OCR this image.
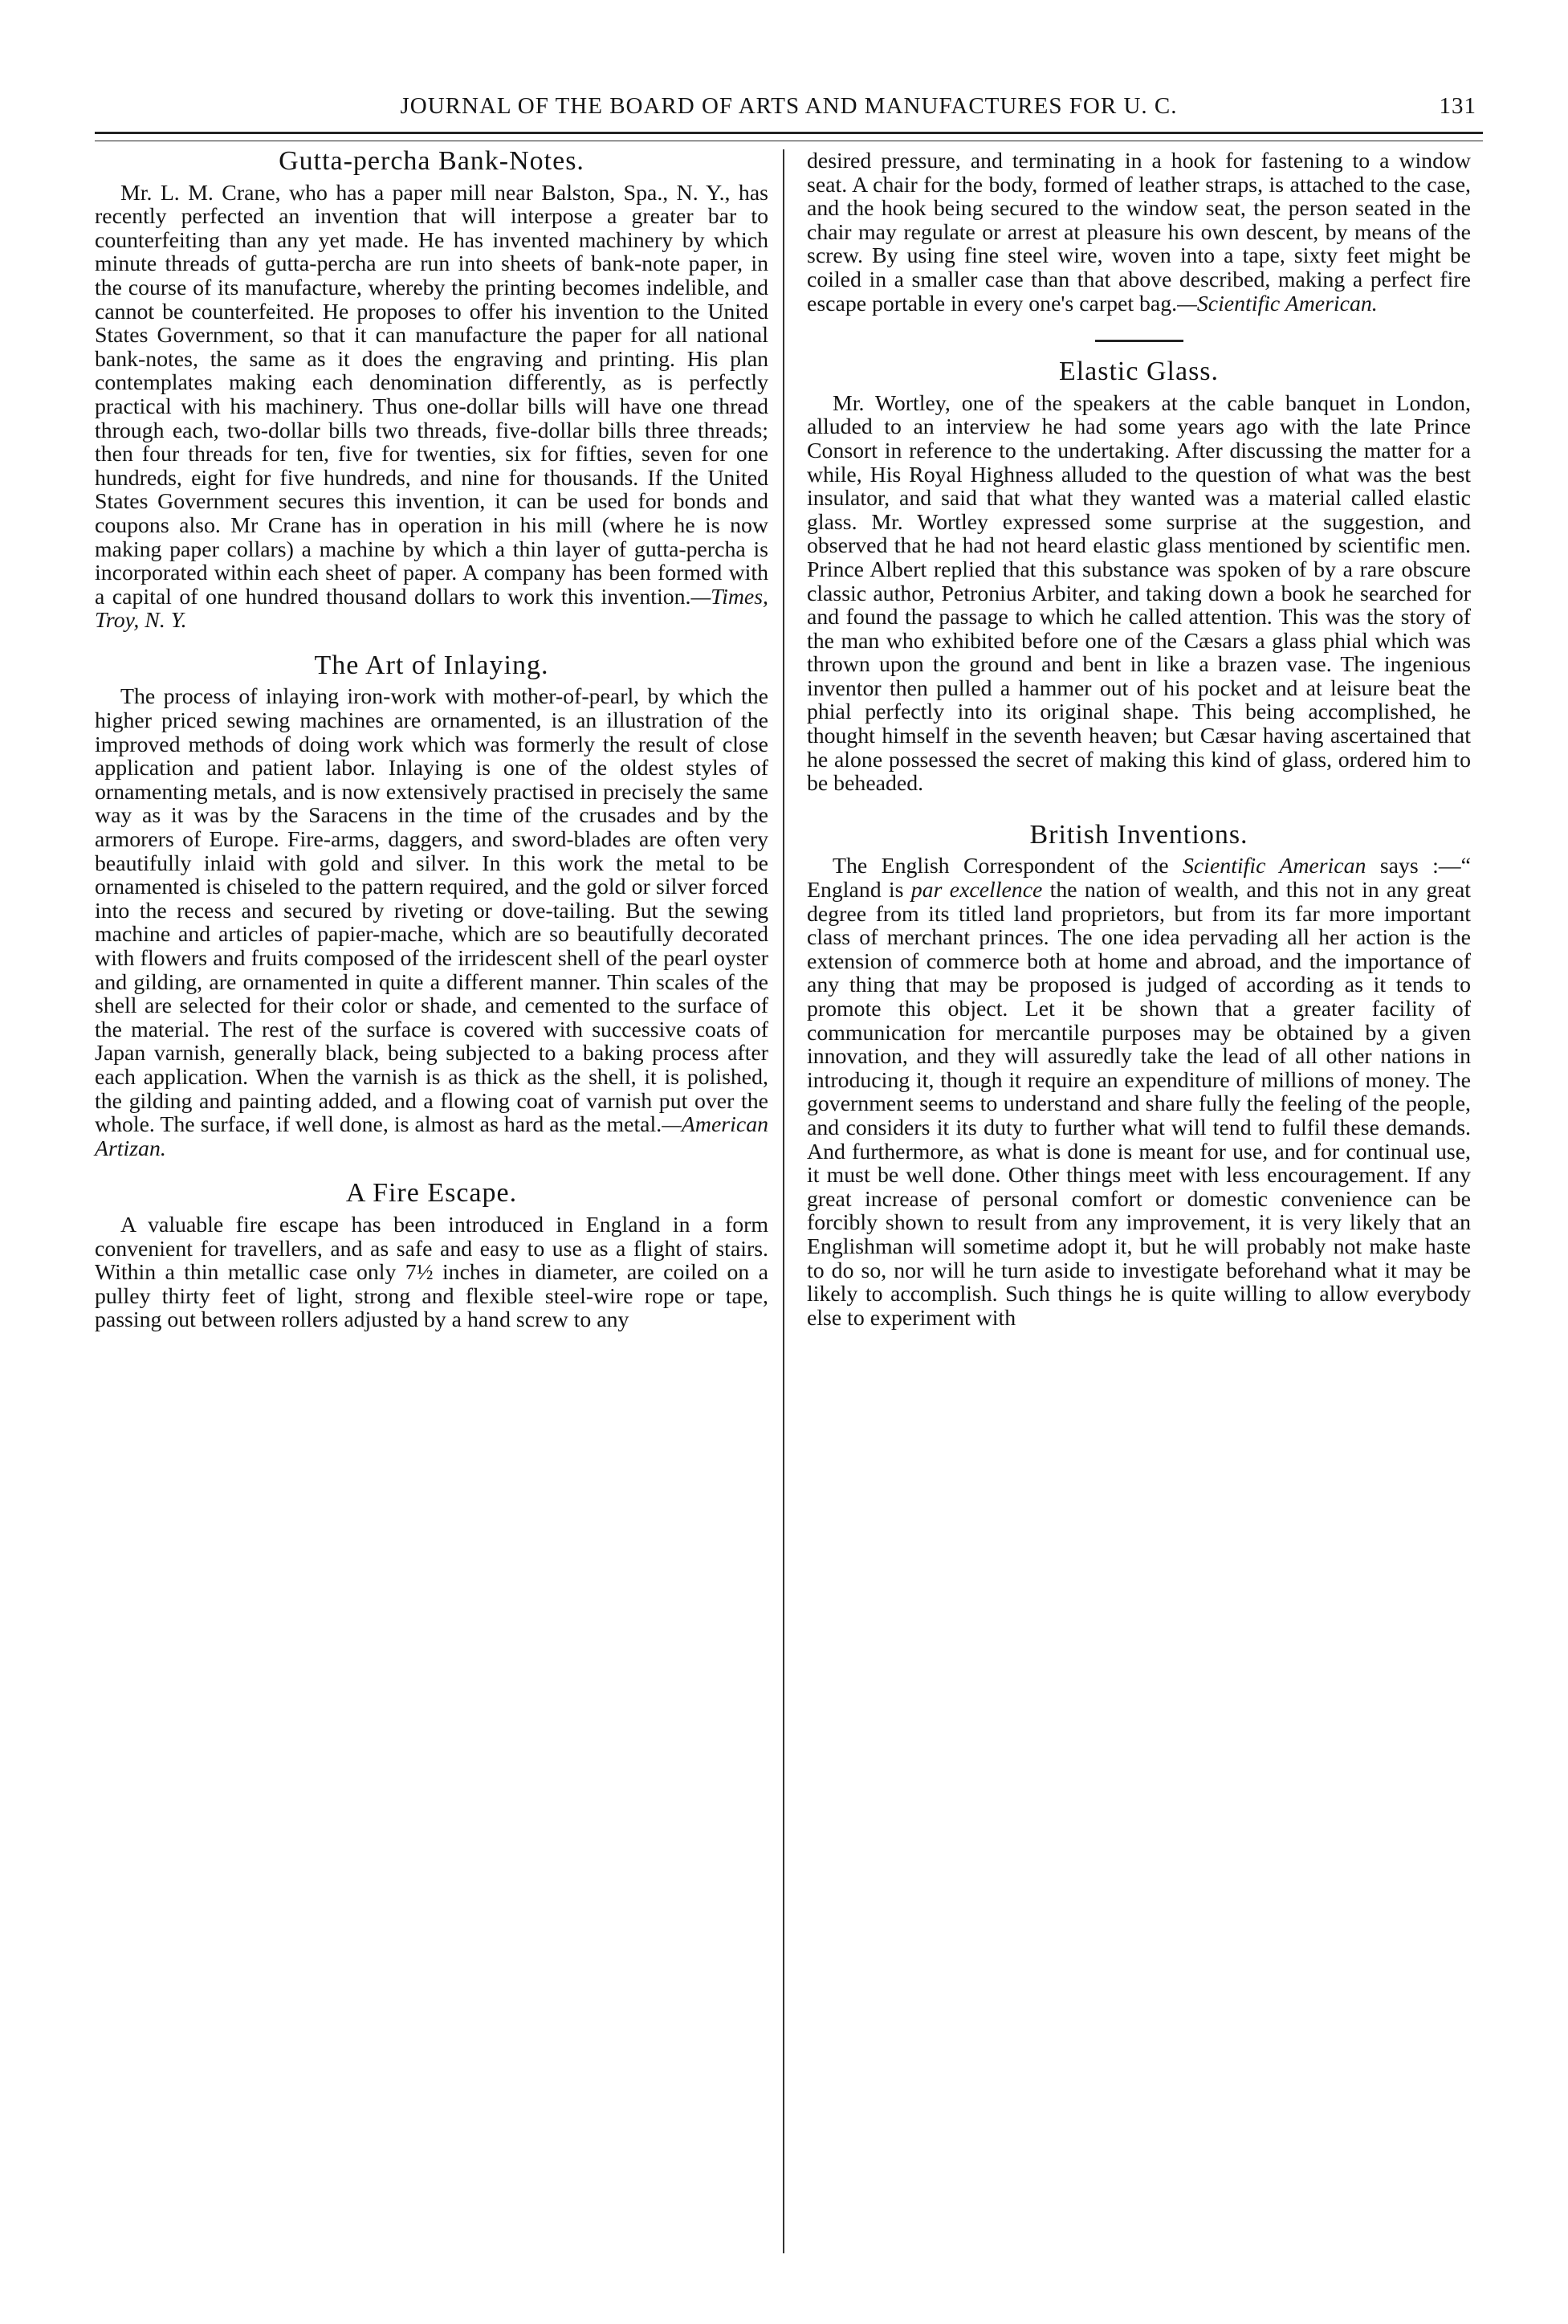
JOURNAL OF THE BOARD OF ARTS AND MANUFACTURES FOR U. C.	131
Gutta-percha Bank-Notes.

Mr. L. M. Crane, who has a paper mill near Balston, Spa., N. Y., has recently perfected an invention that will interpose a greater bar to counterfeiting than any yet made. He has invented machinery by which minute threads of gutta-percha are run into sheets of bank-note paper, in the course of its manufacture, whereby the printing becomes indelible, and cannot be counterfeited. He proposes to offer his invention to the United States Government, so that it can manufacture the paper for all national bank-notes, the same as it does the engraving and printing. His plan contemplates making each denomination differently, as is perfectly practical with his machinery. Thus one-dollar bills will have one thread through each, two-dollar bills two threads, five-dollar bills three threads; then four threads for ten, five for twenties, six for fifties, seven for one hundreds, eight for five hundreds, and nine for thousands. If the United States Government secures this invention, it can be used for bonds and coupons also. Mr Crane has in operation in his mill (where he is now making paper collars) a machine by which a thin layer of gutta-percha is incorporated within each sheet of paper. A company has been formed with a capital of one hundred thousand dollars to work this invention.—Times, Troy, N. Y.

The Art of Inlaying.

The process of inlaying iron-work with mother-of-pearl, by which the higher priced sewing machines are ornamented, is an illustration of the improved methods of doing work which was formerly the result of close application and patient labor. Inlaying is one of the oldest styles of ornamenting metals, and is now extensively practised in precisely the same way as it was by the Saracens in the time of the crusades and by the armorers of Europe. Fire-arms, daggers, and sword-blades are often very beautifully inlaid with gold and silver. In this work the metal to be ornamented is chiseled to the pattern required, and the gold or silver forced into the recess and secured by riveting or dove-tailing. But the sewing machine and articles of papier-mache, which are so beautifully decorated with flowers and fruits composed of the irridescent shell of the pearl oyster and gilding, are ornamented in quite a different manner. Thin scales of the shell are selected for their color or shade, and cemented to the surface of the material. The rest of the surface is covered with successive coats of Japan varnish, generally black, being subjected to a baking process after each application. When the varnish is as thick as the shell, it is polished, the gilding and painting added, and a flowing coat of varnish put over the whole. The surface, if well done, is almost as hard as the metal.—American Artizan.

A Fire Escape.

A valuable fire escape has been introduced in England in a form convenient for travellers, and as safe and easy to use as a flight of stairs. Within a thin metallic case only 7½ inches in diameter, are coiled on a pulley thirty feet of light, strong and flexible steel-wire rope or tape, passing out between rollers adjusted by a hand screw to any

desired pressure, and terminating in a hook for fastening to a window seat. A chair for the body, formed of leather straps, is attached to the case, and the hook being secured to the window seat, the person seated in the chair may regulate or arrest at pleasure his own descent, by means of the screw. By using fine steel wire, woven into a tape, sixty feet might be coiled in a smaller case than that above described, making a perfect fire escape portable in every one's carpet bag.—Scientific American.

Elastic Glass.

Mr. Wortley, one of the speakers at the cable banquet in London, alluded to an interview he had some years ago with the late Prince Consort in reference to the undertaking. After discussing the matter for a while, His Royal Highness alluded to the question of what was the best insulator, and said that what they wanted was a material called elastic glass. Mr. Wortley expressed some surprise at the suggestion, and observed that he had not heard elastic glass mentioned by scientific men. Prince Albert replied that this substance was spoken of by a rare obscure classic author, Petronius Arbiter, and taking down a book he searched for and found the passage to which he called attention. This was the story of the man who exhibited before one of the Cæsars a glass phial which was thrown upon the ground and bent in like a brazen vase. The ingenious inventor then pulled a hammer out of his pocket and at leisure beat the phial perfectly into its original shape. This being accomplished, he thought himself in the seventh heaven; but Cæsar having ascertained that he alone possessed the secret of making this kind of glass, ordered him to be beheaded.

British Inventions.

The English Correspondent of the Scientific American says :—“ England is par excellence the nation of wealth, and this not in any great degree from its titled land proprietors, but from its far more important class of merchant princes. The one idea pervading all her action is the extension of commerce both at home and abroad, and the importance of any thing that may be proposed is judged of according as it tends to promote this object. Let it be shown that a greater facility of communication for mercantile purposes may be obtained by a given innovation, and they will assuredly take the lead of all other nations in introducing it, though it require an expenditure of millions of money. The government seems to understand and share fully the feeling of the people, and considers it its duty to further what will tend to fulfil these demands. And furthermore, as what is done is meant for use, and for continual use, it must be well done. Other things meet with less encouragement. If any great increase of personal comfort or domestic convenience can be forcibly shown to result from any improvement, it is very likely that an Englishman will sometime adopt it, but he will probably not make haste to do so, nor will he turn aside to investigate beforehand what it may be likely to accomplish. Such things he is quite willing to allow everybody else to experiment with
